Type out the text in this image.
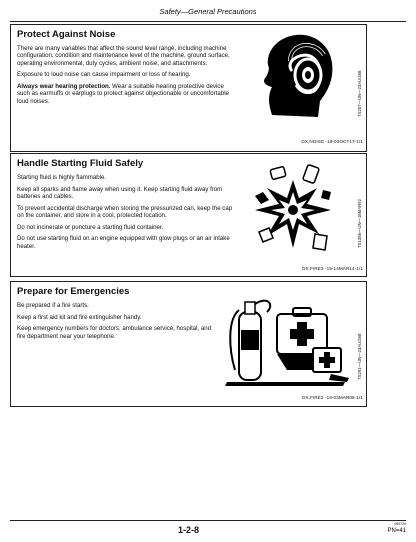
Safety—General Precautions
Protect Against Noise

There are many variables that affect the sound level range, including machine configuration, condition and maintenance level of the machine, ground surface, operating environmental, duty cycles, ambient noise, and attachments.

Exposure to loud noise can cause impairment or loss of hearing.

Always wear hearing protection. Wear a suitable hearing protective device such as earmuffs or earplugs to protect against objectionable or uncomfortable loud noises.	TS207—UN—23AUG88
DX,NOISE -19-03OCT17-1/1
Handle Starting Fluid Safely

Starting fluid is highly flammable.

Keep all sparks and flame away when using it. Keep starting fluid away from batteries and cables.

To prevent accidental discharge when storing the pressurized can, keep the cap on the container, and store in a cool, protected location.

Do not incinerate or puncture a starting fluid container.

Do not use starting fluid on an engine equipped with glow plugs or an air intake heater.	TS1356—UN—18MAR92
DX,FIRE3 -19-14MAR14-1/1
Prepare for Emergencies

Be prepared if a fire starts.

Keep a first aid kit and fire extinguisher handy.

Keep emergency numbers for doctors, ambulance service, hospital, and fire department near your telephone.	TS291—UN—23AUG88
DX,FIRE2 -19-03MAR08-1/1
090720
1-2-8	PN=41
